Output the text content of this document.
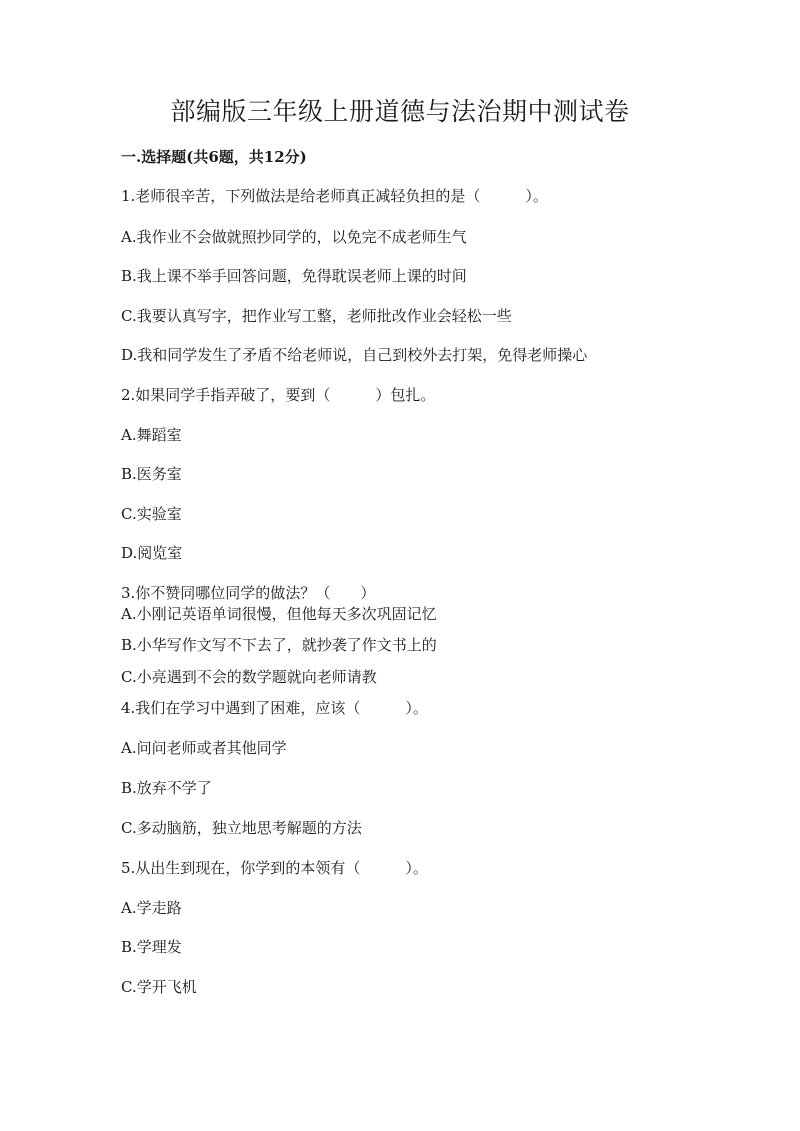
部编版三年级上册道德与法治期中测试卷
一.选择题(共6题，共12分)
1.老师很辛苦，下列做法是给老师真正减轻负担的是（　　　）。
A.我作业不会做就照抄同学的，以免完不成老师生气
B.我上课不举手回答问题，免得耽误老师上课的时间
C.我要认真写字，把作业写工整，老师批改作业会轻松一些
D.我和同学发生了矛盾不给老师说，自己到校外去打架，免得老师操心
2.如果同学手指弄破了，要到（　　　）包扎。
A.舞蹈室
B.医务室
C.实验室
D.阅览室
3.你不赞同哪位同学的做法？（　　）
A.小刚记英语单词很慢，但他每天多次巩固记忆
B.小华写作文写不下去了，就抄袭了作文书上的
C.小亮遇到不会的数学题就向老师请教
4.我们在学习中遇到了困难，应该（　　　）。
A.问问老师或者其他同学
B.放弃不学了
C.多动脑筋，独立地思考解题的方法
5.从出生到现在，你学到的本领有（　　　）。
A.学走路
B.学理发
C.学开飞机
